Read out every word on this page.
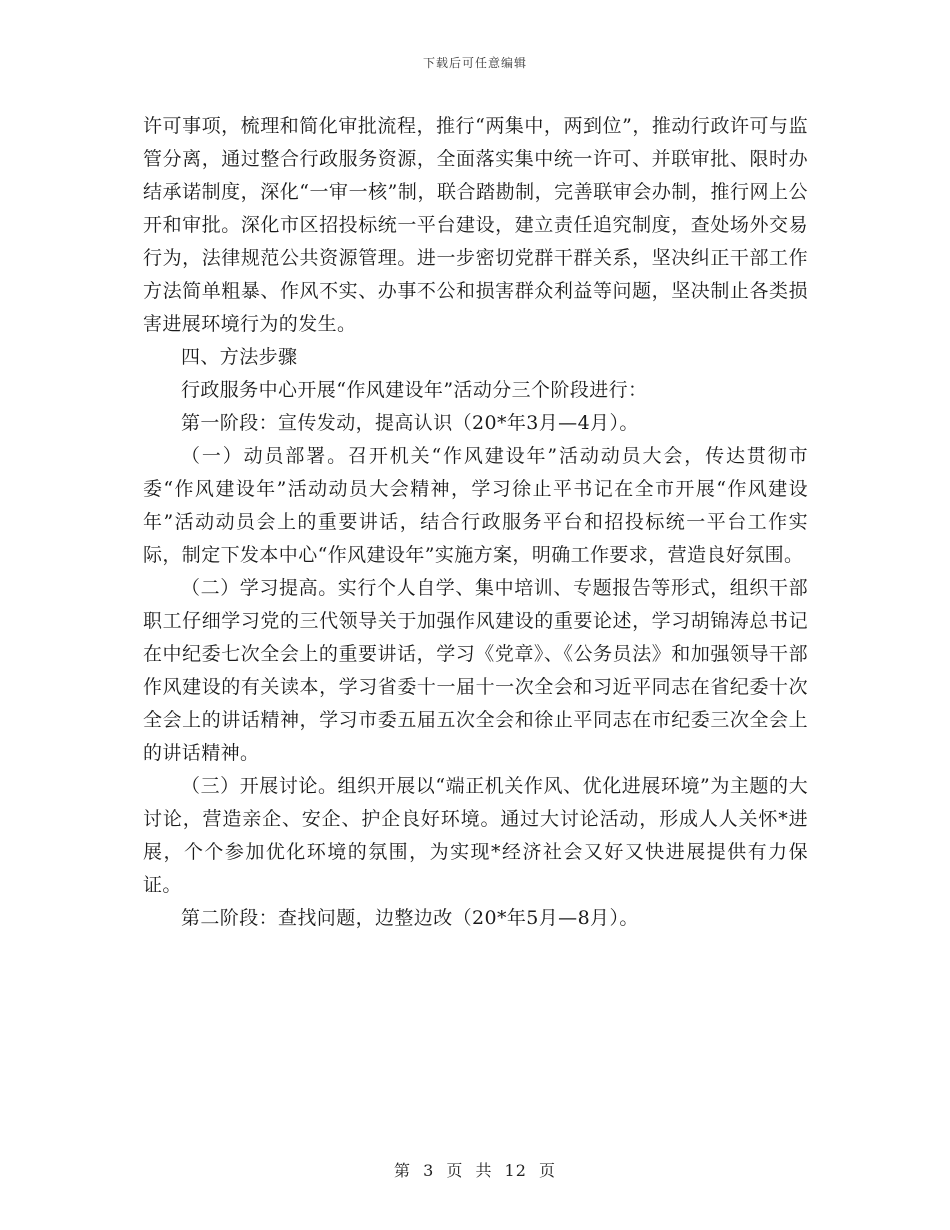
下载后可任意编辑

许可事项，梳理和简化审批流程，推行“两集中，两到位”，推动行政许可与监管分离，通过整合行政服务资源，全面落实集中统一许可、并联审批、限时办结承诺制度，深化“一审一核”制，联合踏勘制，完善联审会办制，推行网上公开和审批。深化市区招投标统一平台建设，建立责任追究制度，查处场外交易行为，法律规范公共资源管理。进一步密切党群干群关系，坚决纠正干部工作方法简单粗暴、作风不实、办事不公和损害群众利益等问题，坚决制止各类损害进展环境行为的发生。

四、方法步骤

行政服务中心开展“作风建设年”活动分三个阶段进行：

第一阶段：宣传发动，提高认识（20*年3月—4月）。

（一）动员部署。召开机关“作风建设年”活动动员大会，传达贯彻市委“作风建设年”活动动员大会精神，学习徐止平书记在全市开展“作风建设年”活动动员会上的重要讲话，结合行政服务平台和招投标统一平台工作实际，制定下发本中心“作风建设年”实施方案，明确工作要求，营造良好氛围。

（二）学习提高。实行个人自学、集中培训、专题报告等形式，组织干部职工仔细学习党的三代领导关于加强作风建设的重要论述，学习胡锦涛总书记在中纪委七次全会上的重要讲话，学习《党章》、《公务员法》和加强领导干部作风建设的有关读本，学习省委十一届十一次全会和习近平同志在省纪委十次全会上的讲话精神，学习市委五届五次全会和徐止平同志在市纪委三次全会上的讲话精神。

（三）开展讨论。组织开展以“端正机关作风、优化进展环境”为主题的大讨论，营造亲企、安企、护企良好环境。通过大讨论活动，形成人人关怀*进展，个个参加优化环境的氛围，为实现*经济社会又好又快进展提供有力保证。

第二阶段：查找问题，边整边改（20*年5月—8月）。

第 3 页 共 12 页
